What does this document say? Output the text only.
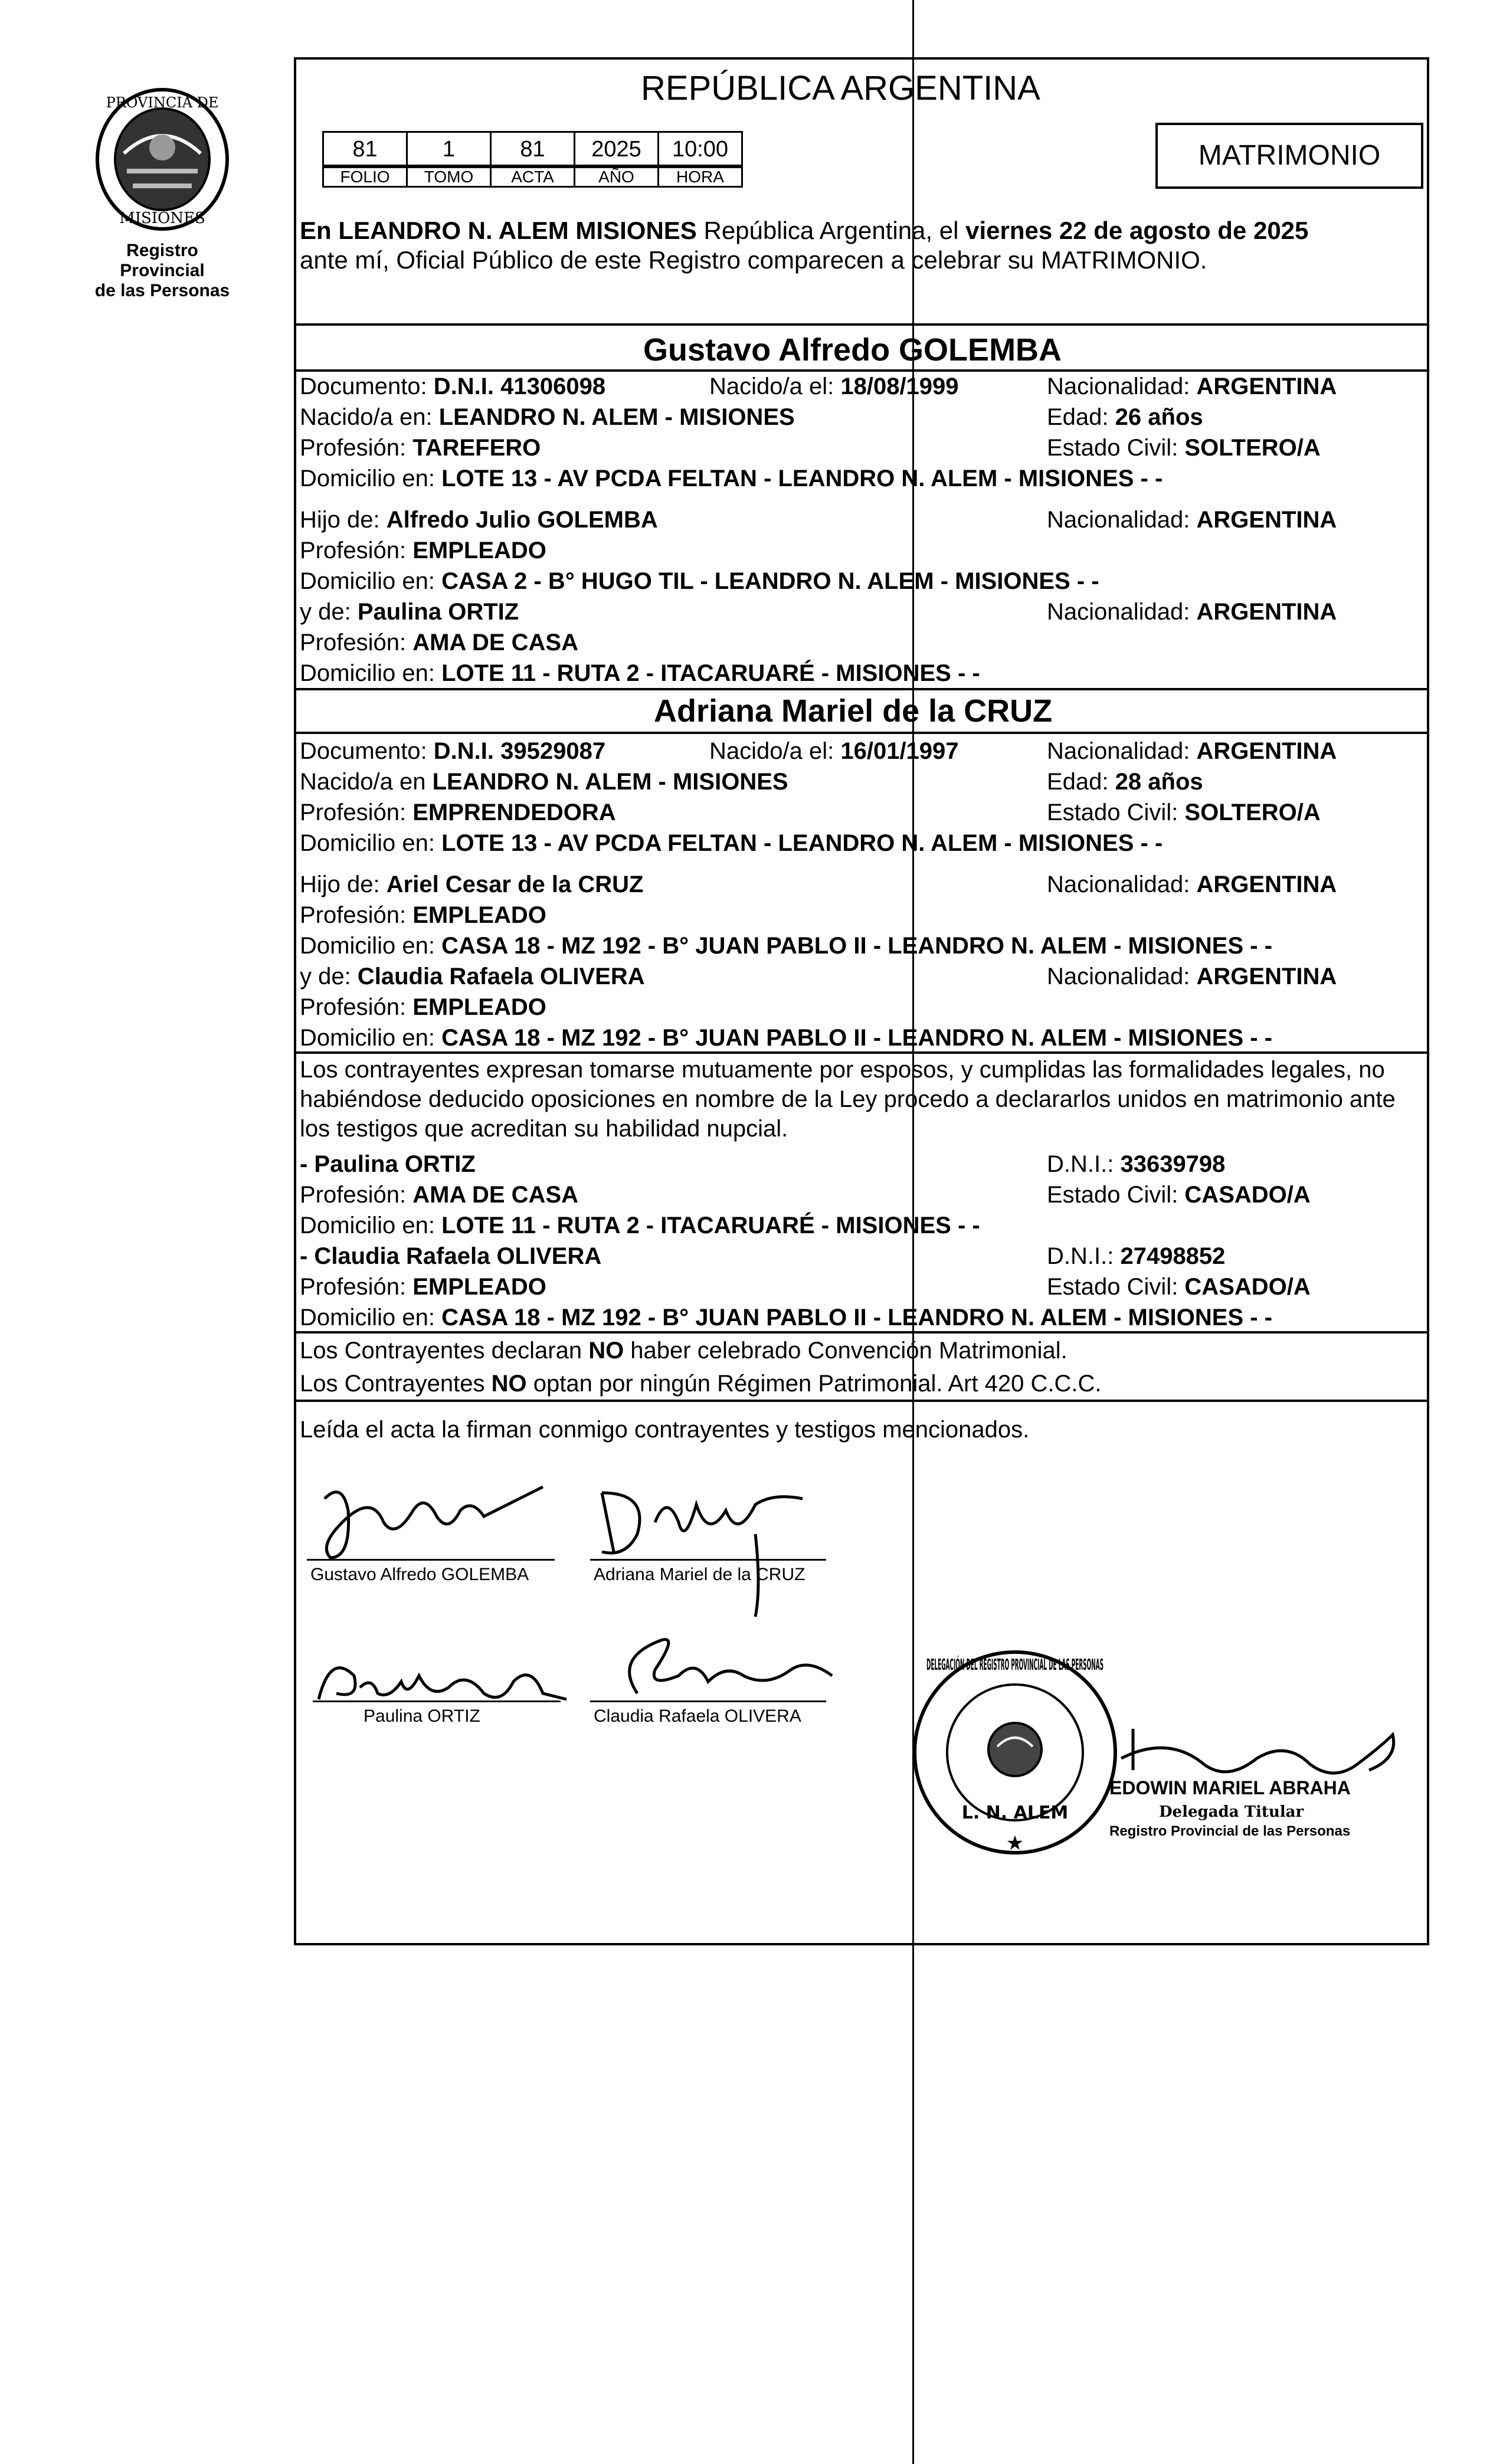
PROVINCIA DE
MISIONES
Registro Provincial
de las Personas
REPÚBLICA ARGENTINA
81	1	81	2025	10:00
FOLIO	TOMO	ACTA	AÑO	HORA
MATRIMONIO
En LEANDRO N. ALEM MISIONES República Argentina, el viernes 22 de agosto de 2025
ante mí, Oficial Público de este Registro comparecen a celebrar su MATRIMONIO.
Gustavo Alfredo GOLEMBA
Documento: D.N.I. 41306098	Nacido/a el: 18/08/1999	Nacionalidad: ARGENTINA
Nacido/a en: LEANDRO N. ALEM - MISIONES	Edad: 26 años
Profesión: TAREFERO	Estado Civil: SOLTERO/A
Domicilio en: LOTE 13 - AV PCDA FELTAN - LEANDRO N. ALEM - MISIONES - -
Hijo de: Alfredo Julio GOLEMBA	Nacionalidad: ARGENTINA
Profesión: EMPLEADO
Domicilio en: CASA 2 - B° HUGO TIL - LEANDRO N. ALEM - MISIONES - -
y de: Paulina ORTIZ	Nacionalidad: ARGENTINA
Profesión: AMA DE CASA
Domicilio en: LOTE 11 - RUTA 2 - ITACARUARÉ - MISIONES - -
Adriana Mariel de la CRUZ
Documento: D.N.I. 39529087	Nacido/a el: 16/01/1997	Nacionalidad: ARGENTINA
Nacido/a en LEANDRO N. ALEM - MISIONES	Edad: 28 años
Profesión: EMPRENDEDORA	Estado Civil: SOLTERO/A
Domicilio en: LOTE 13 - AV PCDA FELTAN - LEANDRO N. ALEM - MISIONES - -
Hijo de: Ariel Cesar de la CRUZ	Nacionalidad: ARGENTINA
Profesión: EMPLEADO
Domicilio en: CASA 18 - MZ 192 - B° JUAN PABLO II - LEANDRO N. ALEM - MISIONES - -
y de: Claudia Rafaela OLIVERA	Nacionalidad: ARGENTINA
Profesión: EMPLEADO
Domicilio en: CASA 18 - MZ 192 - B° JUAN PABLO II - LEANDRO N. ALEM - MISIONES - -
Los contrayentes expresan tomarse mutuamente por esposos, y cumplidas las formalidades legales, no
habiéndose deducido oposiciones en nombre de la Ley procedo a declararlos unidos en matrimonio ante
los testigos que acreditan su habilidad nupcial.
- Paulina ORTIZ	D.N.I.: 33639798
Profesión: AMA DE CASA	Estado Civil: CASADO/A
Domicilio en: LOTE 11 - RUTA 2 - ITACARUARÉ - MISIONES - -
- Claudia Rafaela OLIVERA	D.N.I.: 27498852
Profesión: EMPLEADO	Estado Civil: CASADO/A
Domicilio en: CASA 18 - MZ 192 - B° JUAN PABLO II - LEANDRO N. ALEM - MISIONES - -
Los Contrayentes declaran NO haber celebrado Convención Matrimonial.
Los Contrayentes NO optan por ningún Régimen Patrimonial. Art 420 C.C.C.
Leída el acta la firman conmigo contrayentes y testigos mencionados.
Gustavo Alfredo GOLEMBA	Adriana Mariel de la CRUZ
Paulina ORTIZ	Claudia Rafaela OLIVERA
DELEGACIÓN DEL REGISTRO PROVINCIAL DE LAS PERSONAS
L. N. ALEM
★
EDOWIN MARIEL ABRAHA
Delegada Titular
Registro Provincial de las Personas
